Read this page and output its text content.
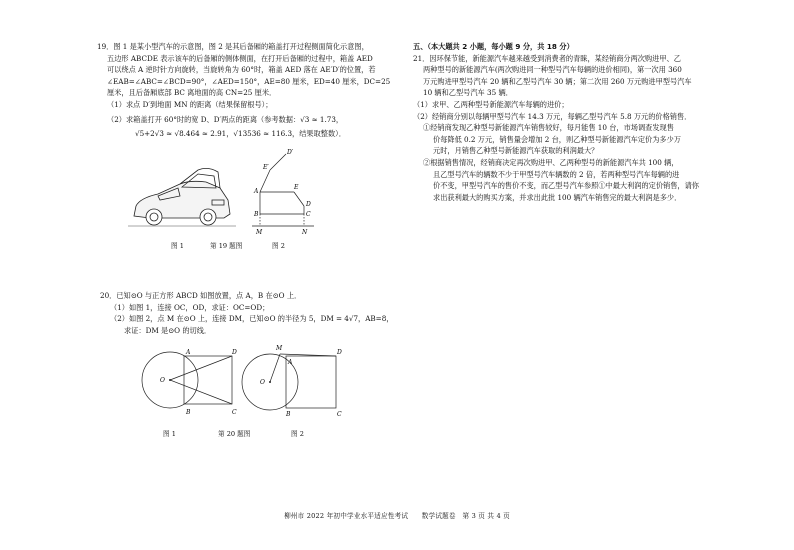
19．图 1 是某小型汽车的示意图，图 2 是其后备厢的箱盖打开过程侧面简化示意图，

五边形 ABCDE 表示该车的后备厢的侧体侧面，在打开后备厢的过程中，箱盖 AED

可以绕点 A 逆时针方向旋转，当旋转角为 60°时，箱盖 AED 落在 AE′D′的位置，若

∠EAB=∠ABC=∠BCD=90°，∠AED=150°，AE=80 厘米，ED=40 厘米，DC=25

厘米，且后备厢底部 BC 离地面的高 CN=25 厘米．

（1）求点 D′到地面 MN 的距离（结果保留根号）；

（2）求箱盖打开 60°时的宽 D、D′两点的距离（参考数据：√3 ≈ 1.73，

√5+2√3 ≈ √8.464 ≈ 2.91，√13536 ≈ 116.3，结果取整数）．

D′
E′
A
E
D
B	C
M	N
图 1	第 19 题图	图 2

20．已知⊙O 与正方形 ABCD 如图放置，点 A，B 在⊙O 上．

（1）如图 1，连接 OC，OD，求证：OC=OD；

（2）如图 2，点 M 在⊙O 上，连接 DM，已知⊙O 的半径为 5，DM = 4√7，AB=8，

求证：DM 是⊙O 的切线．

A	D
O
B	C
M
A
D
O
B	C
图 1	第 20 题图	图 2

五、（本大题共 2 小题，每小题 9 分，共 18 分）

21．因环保节能，新能源汽车越来越受到消费者的青睐，某经销商分两次购进甲、乙

两种型号的新能源汽车(两次购进同一种型号汽车每辆的进价相同)，第一次用 360

万元购进甲型号汽车 20 辆和乙型号汽车 30 辆；第二次用 260 万元购进甲型号汽车

10 辆和乙型号汽车 35 辆．

（1）求甲、乙两种型号新能源汽车每辆的进价；

（2）经销商分别以每辆甲型号汽车 14.3 万元，每辆乙型号汽车 5.8 万元的价格销售．

①经销商发现乙种型号新能源汽车销售较好，每月能售 10 台，市场调查发现售

价每降低 0.2 万元，销售量会增加 2 台，则乙种型号新能源汽车定价为多少万

元时，月销售乙种型号新能源汽车获取的利润最大？

②根据销售情况，经销商决定再次购进甲、乙两种型号的新能源汽车共 100 辆，

且乙型号汽车的辆数不少于甲型号汽车辆数的 2 倍，若两种型号汽车每辆的进

价不变，甲型号汽车的售价不变，而乙型号汽车参照①中最大利润的定价销售，请你

求出获利最大的购买方案，并求出此批 100 辆汽车销售完的最大利润是多少．

柳州市 2022 年初中学业水平适应性考试　　数学试题卷　第 3 页 共 4 页
